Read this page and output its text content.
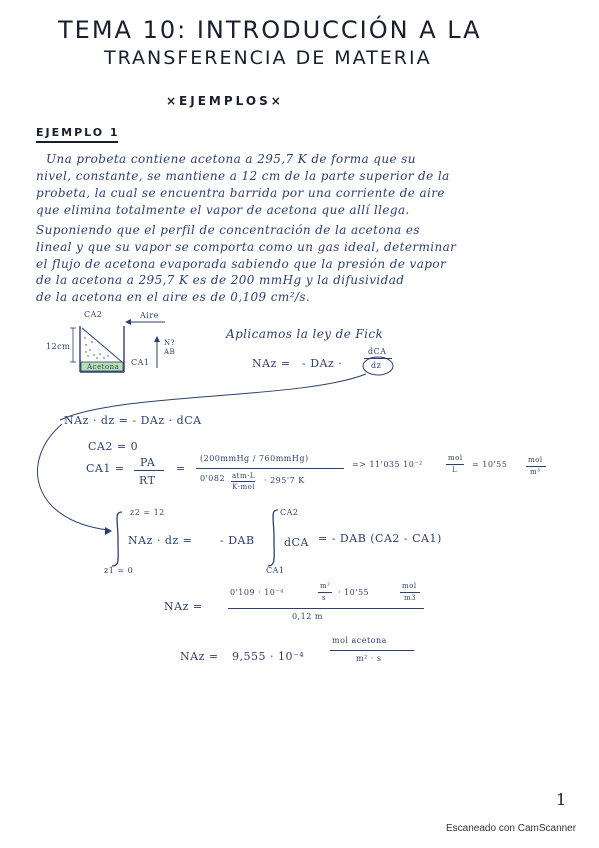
TEMA 10: INTRODUCCIÓN A LA
TRANSFERENCIA DE MATERIA
×EJEMPLOS×
EJEMPLO 1
Una probeta contiene acetona a 295,7 K de forma que su
nivel, constante, se mantiene a 12 cm de la parte superior de la
probeta, la cual se encuentra barrida por una corriente de aire
que elimina totalmente el vapor de acetona que allí llega.
Suponiendo que el perfil de concentración de la acetona es
lineal y que su vapor se comporta como un gas ideal, determinar
el flujo de acetona evaporada sabiendo que la presión de vapor
de la acetona a 295,7 K es de 200 mmHg y la difusividad
de la acetona en el aire es de 0,109 cm²/s.
CA2	Aire
12cm
CA1
Acetona
N?
AB
Aplicamos la ley de Fick
NAz = - DAz ·
dCA
dz
NAz · dz = - DAz · dCA
CA2 = 0
CA1 = PA
RT
=
(200mmHg / 760mmHg)
0'082 atm·L
K·mol
· 295'7 K
=> 11'035 10⁻²
mol
L
= 10'55	mol
m³
z2 = 12
z1 = 0
NAz · dz =	- DAB
CA2
CA1
dCA = - DAB (CA2 - CA1)
NAz =
0'109 · 10⁻⁴
m²
s
· 10'55
mol
m3
0,12 m
NAz = 9,555 · 10⁻⁴
mol acetona
m² · s
1
Escaneado con CamScanner
